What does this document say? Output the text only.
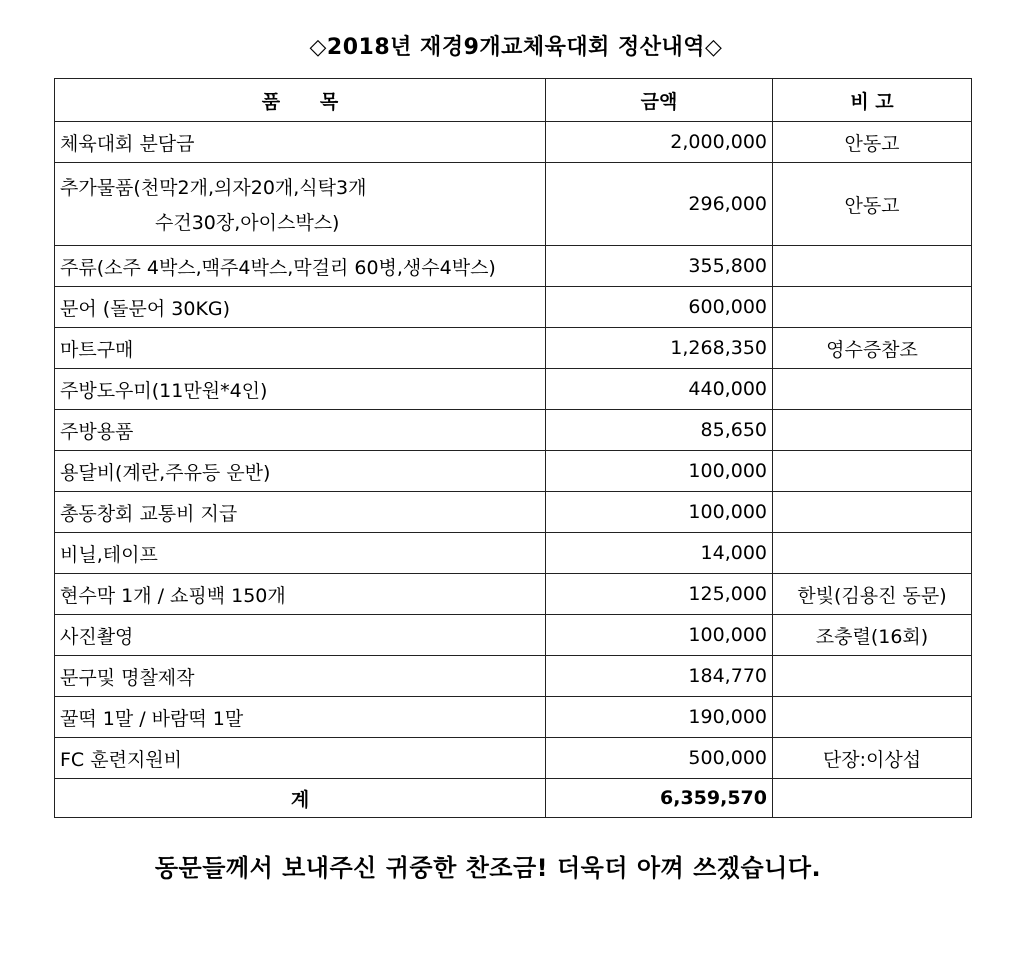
◇2018년 재경9개교체육대회 정산내역◇
품      목	금액	비 고
체육대회 분담금	2,000,000	안동고
추가물품(천막2개,의자20개,식탁3개
수건30장,아이스박스)	296,000	안동고
주류(소주 4박스,맥주4박스,막걸리 60병,생수4박스)	355,800	
문어 (돌문어 30KG)	600,000	
마트구매	1,268,350	영수증참조
주방도우미(11만원*4인)	440,000	
주방용품	85,650	
용달비(계란,주유등 운반)	100,000	
총동창회 교통비 지급	100,000	
비닐,테이프	14,000	
현수막 1개 / 쇼핑백 150개	125,000	한빛(김용진 동문)
사진촬영	100,000	조충렬(16회)
문구및 명찰제작	184,770	
꿀떡 1말 / 바람떡 1말	190,000	
FC 훈련지원비	500,000	단장:이상섭
계	6,359,570	
동문들께서 보내주신 귀중한 찬조금! 더욱더 아껴 쓰겠습니다.
